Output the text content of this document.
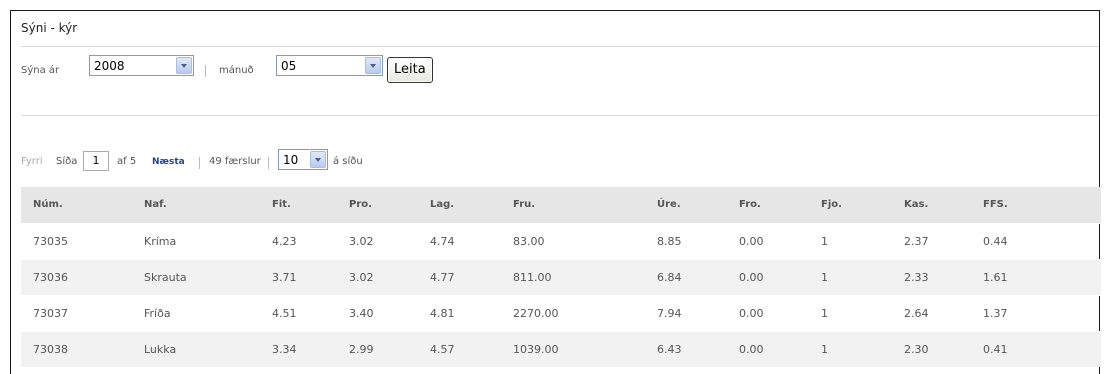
Sýni - kýr
Sýna ár	2008	mánuð	05	Leita
Fyrri Síða	1	af 5 Næsta 49 færslur	10	á síðu
Núm.	Naf.	Fit.	Pro.	Lag.	Fru.	Úre.	Fro.	Fjo.	Kas.	FFS.
73035	Kríma	4.23	3.02	4.74	83.00	8.85	0.00	1	2.37	0.44
73036	Skrauta	3.71	3.02	4.77	811.00	6.84	0.00	1	2.33	1.61
73037	Fríða	4.51	3.40	4.81	2270.00	7.94	0.00	1	2.64	1.37
73038	Lukka	3.34	2.99	4.57	1039.00	6.43	0.00	1	2.30	0.41
